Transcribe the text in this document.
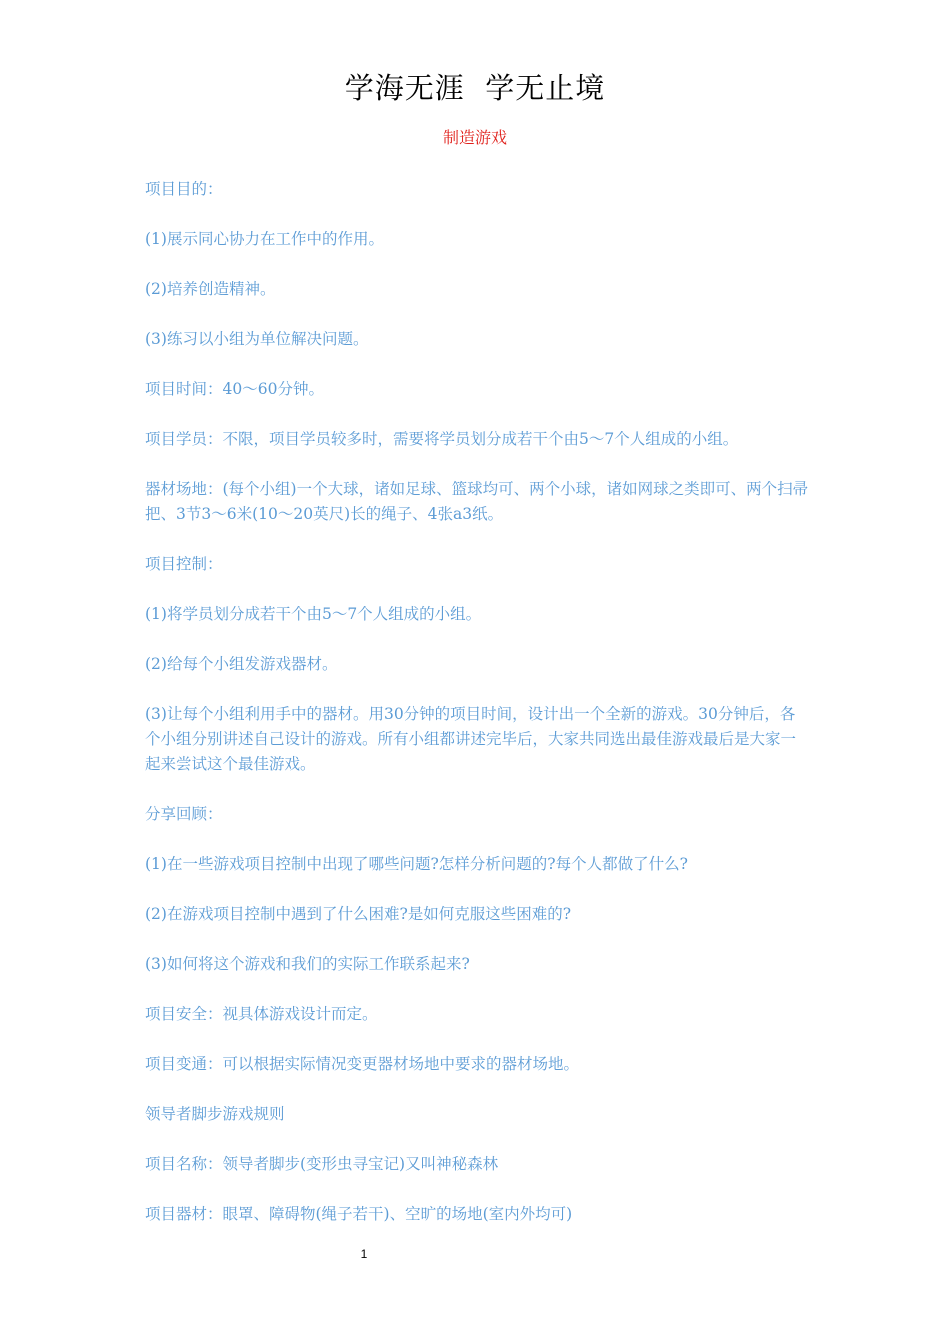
学海无涯  学无止境
制造游戏

项目目的：

(1)展示同心协力在工作中的作用。

(2)培养创造精神。

(3)练习以小组为单位解决问题。

项目时间：40～60分钟。

项目学员：不限，项目学员较多时，需要将学员划分成若干个由5～7个人组成的小组。

器材场地：(每个小组)一个大球，诸如足球、篮球均可、两个小球，诸如网球之类即可、两个扫帚把、3节3～6米(10～20英尺)长的绳子、4张a3纸。

项目控制：

(1)将学员划分成若干个由5～7个人组成的小组。

(2)给每个小组发游戏器材。

(3)让每个小组利用手中的器材。用30分钟的项目时间，设计出一个全新的游戏。30分钟后，各个小组分别讲述自己设计的游戏。所有小组都讲述完毕后，大家共同选出最佳游戏最后是大家一起来尝试这个最佳游戏。

分享回顾：

(1)在一些游戏项目控制中出现了哪些问题?怎样分析问题的?每个人都做了什么?

(2)在游戏项目控制中遇到了什么困难?是如何克服这些困难的?

(3)如何将这个游戏和我们的实际工作联系起来?

项目安全：视具体游戏设计而定。

项目变通：可以根据实际情况变更器材场地中要求的器材场地。

领导者脚步游戏规则

项目名称：领导者脚步(变形虫寻宝记)又叫神秘森林

项目器材：眼罩、障碍物(绳子若干)、空旷的场地(室内外均可)

1
